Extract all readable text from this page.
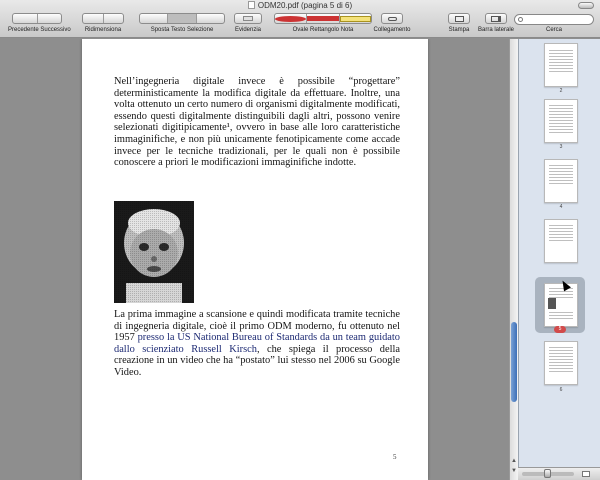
ODM20.pdf (pagina 5 di 6)
Precedente Successivo	Ridimensiona	Sposta Testo Selezione	Evidenzia	Ovale Rettangolo Nota	Collegamento	Stampa	Barra laterale	Cerca

Nell’ingegneria digitale invece è possibile “progettare” deterministicamente la modifica digitale da effettuare. Inoltre, una volta ottenuto un certo numero di organismi digitalmente modificati, essendo questi digitalmente distinguibili dagli altri, possono venire selezionati digitipicamente¹, ovvero in base alle loro caratteristiche immaginifiche, e non più unicamente fenotipicamente come accade invece per le tecniche tradizionali, per le quali non è possibile conoscere a priori le modificazioni immaginifiche indotte.

La prima immagine a scansione e quindi modificata tramite tecniche di ingegneria digitale, cioè il primo ODM moderno, fu ottenuto nel 1957 presso la US National Bureau of Standards da un team guidato dallo scienziato Russell Kirsch, che spiega il processo della creazione in un video che ha “postato” lui stesso nel 2006 su Google Video.

5	▲
▼
2
3
4
5
6
